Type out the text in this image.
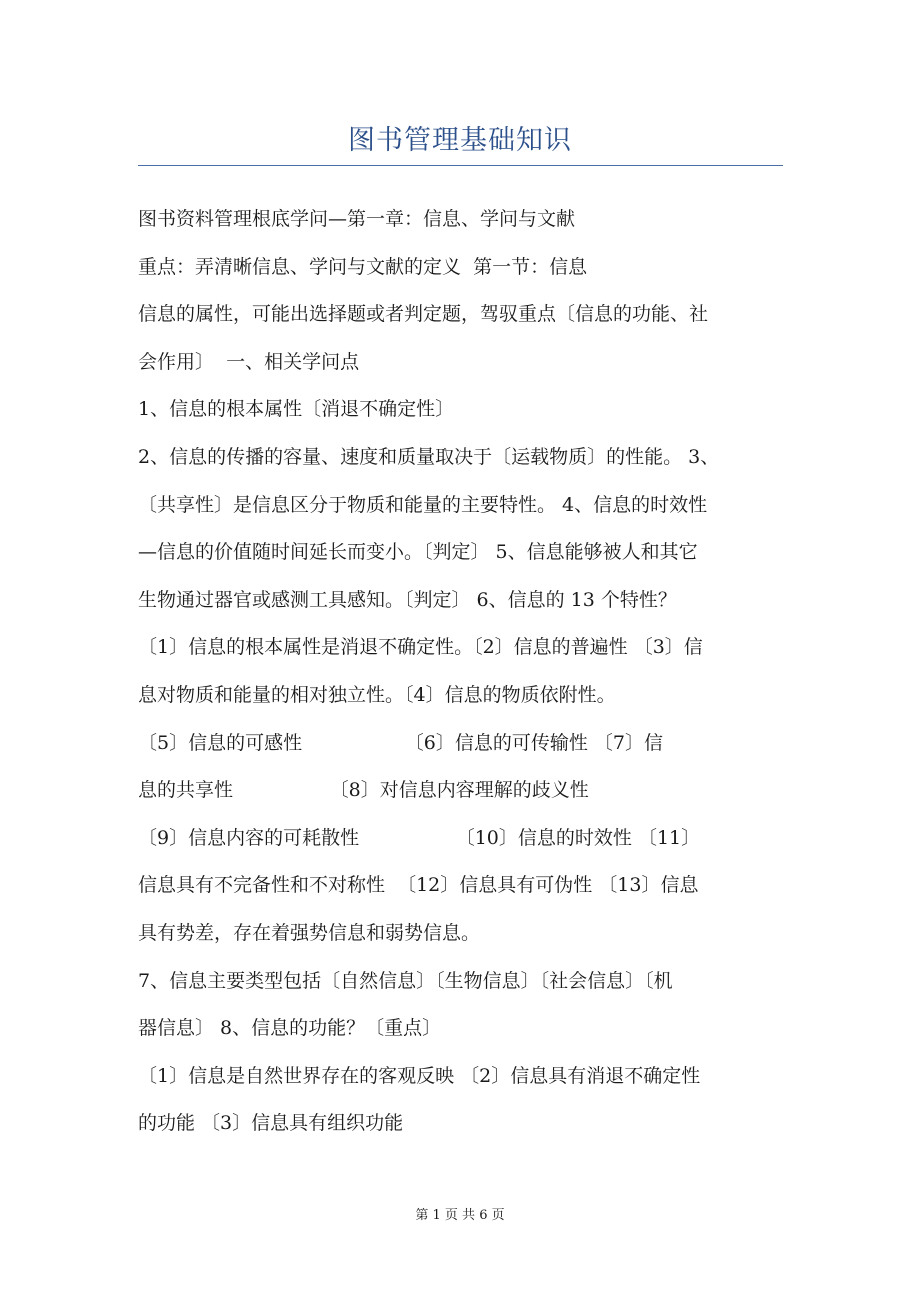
图书管理基础知识
图书资料管理根底学问—第一章：信息、学问与文献
重点：弄清晰信息、学问与文献的定义  第一节：信息
信息的属性，可能出选择题或者判定题，驾驭重点〔信息的功能、社
会作用〕  一、相关学问点
1、信息的根本属性〔消退不确定性〕
2、信息的传播的容量、速度和质量取决于〔运载物质〕的性能。 3、
〔共享性〕是信息区分于物质和能量的主要特性。 4、信息的时效性
—信息的价值随时间延长而变小。〔判定〕 5、信息能够被人和其它
生物通过器官或感测工具感知。〔判定〕 6、信息的 13 个特性？
〔1〕信息的根本属性是消退不确定性。〔2〕信息的普遍性 〔3〕信
息对物质和能量的相对独立性。〔4〕信息的物质依附性。
〔5〕信息的可感性                 〔6〕信息的可传输性 〔7〕信
息的共享性                〔8〕对信息内容理解的歧义性
〔9〕信息内容的可耗散性                〔10〕信息的时效性 〔11〕
信息具有不完备性和不对称性  〔12〕信息具有可伪性 〔13〕信息
具有势差，存在着强势信息和弱势信息。
7、信息主要类型包括〔自然信息〕〔生物信息〕〔社会信息〕〔机
器信息〕 8、信息的功能？〔重点〕
〔1〕信息是自然世界存在的客观反映 〔2〕信息具有消退不确定性
的功能 〔3〕信息具有组织功能
第 1 页 共 6 页
